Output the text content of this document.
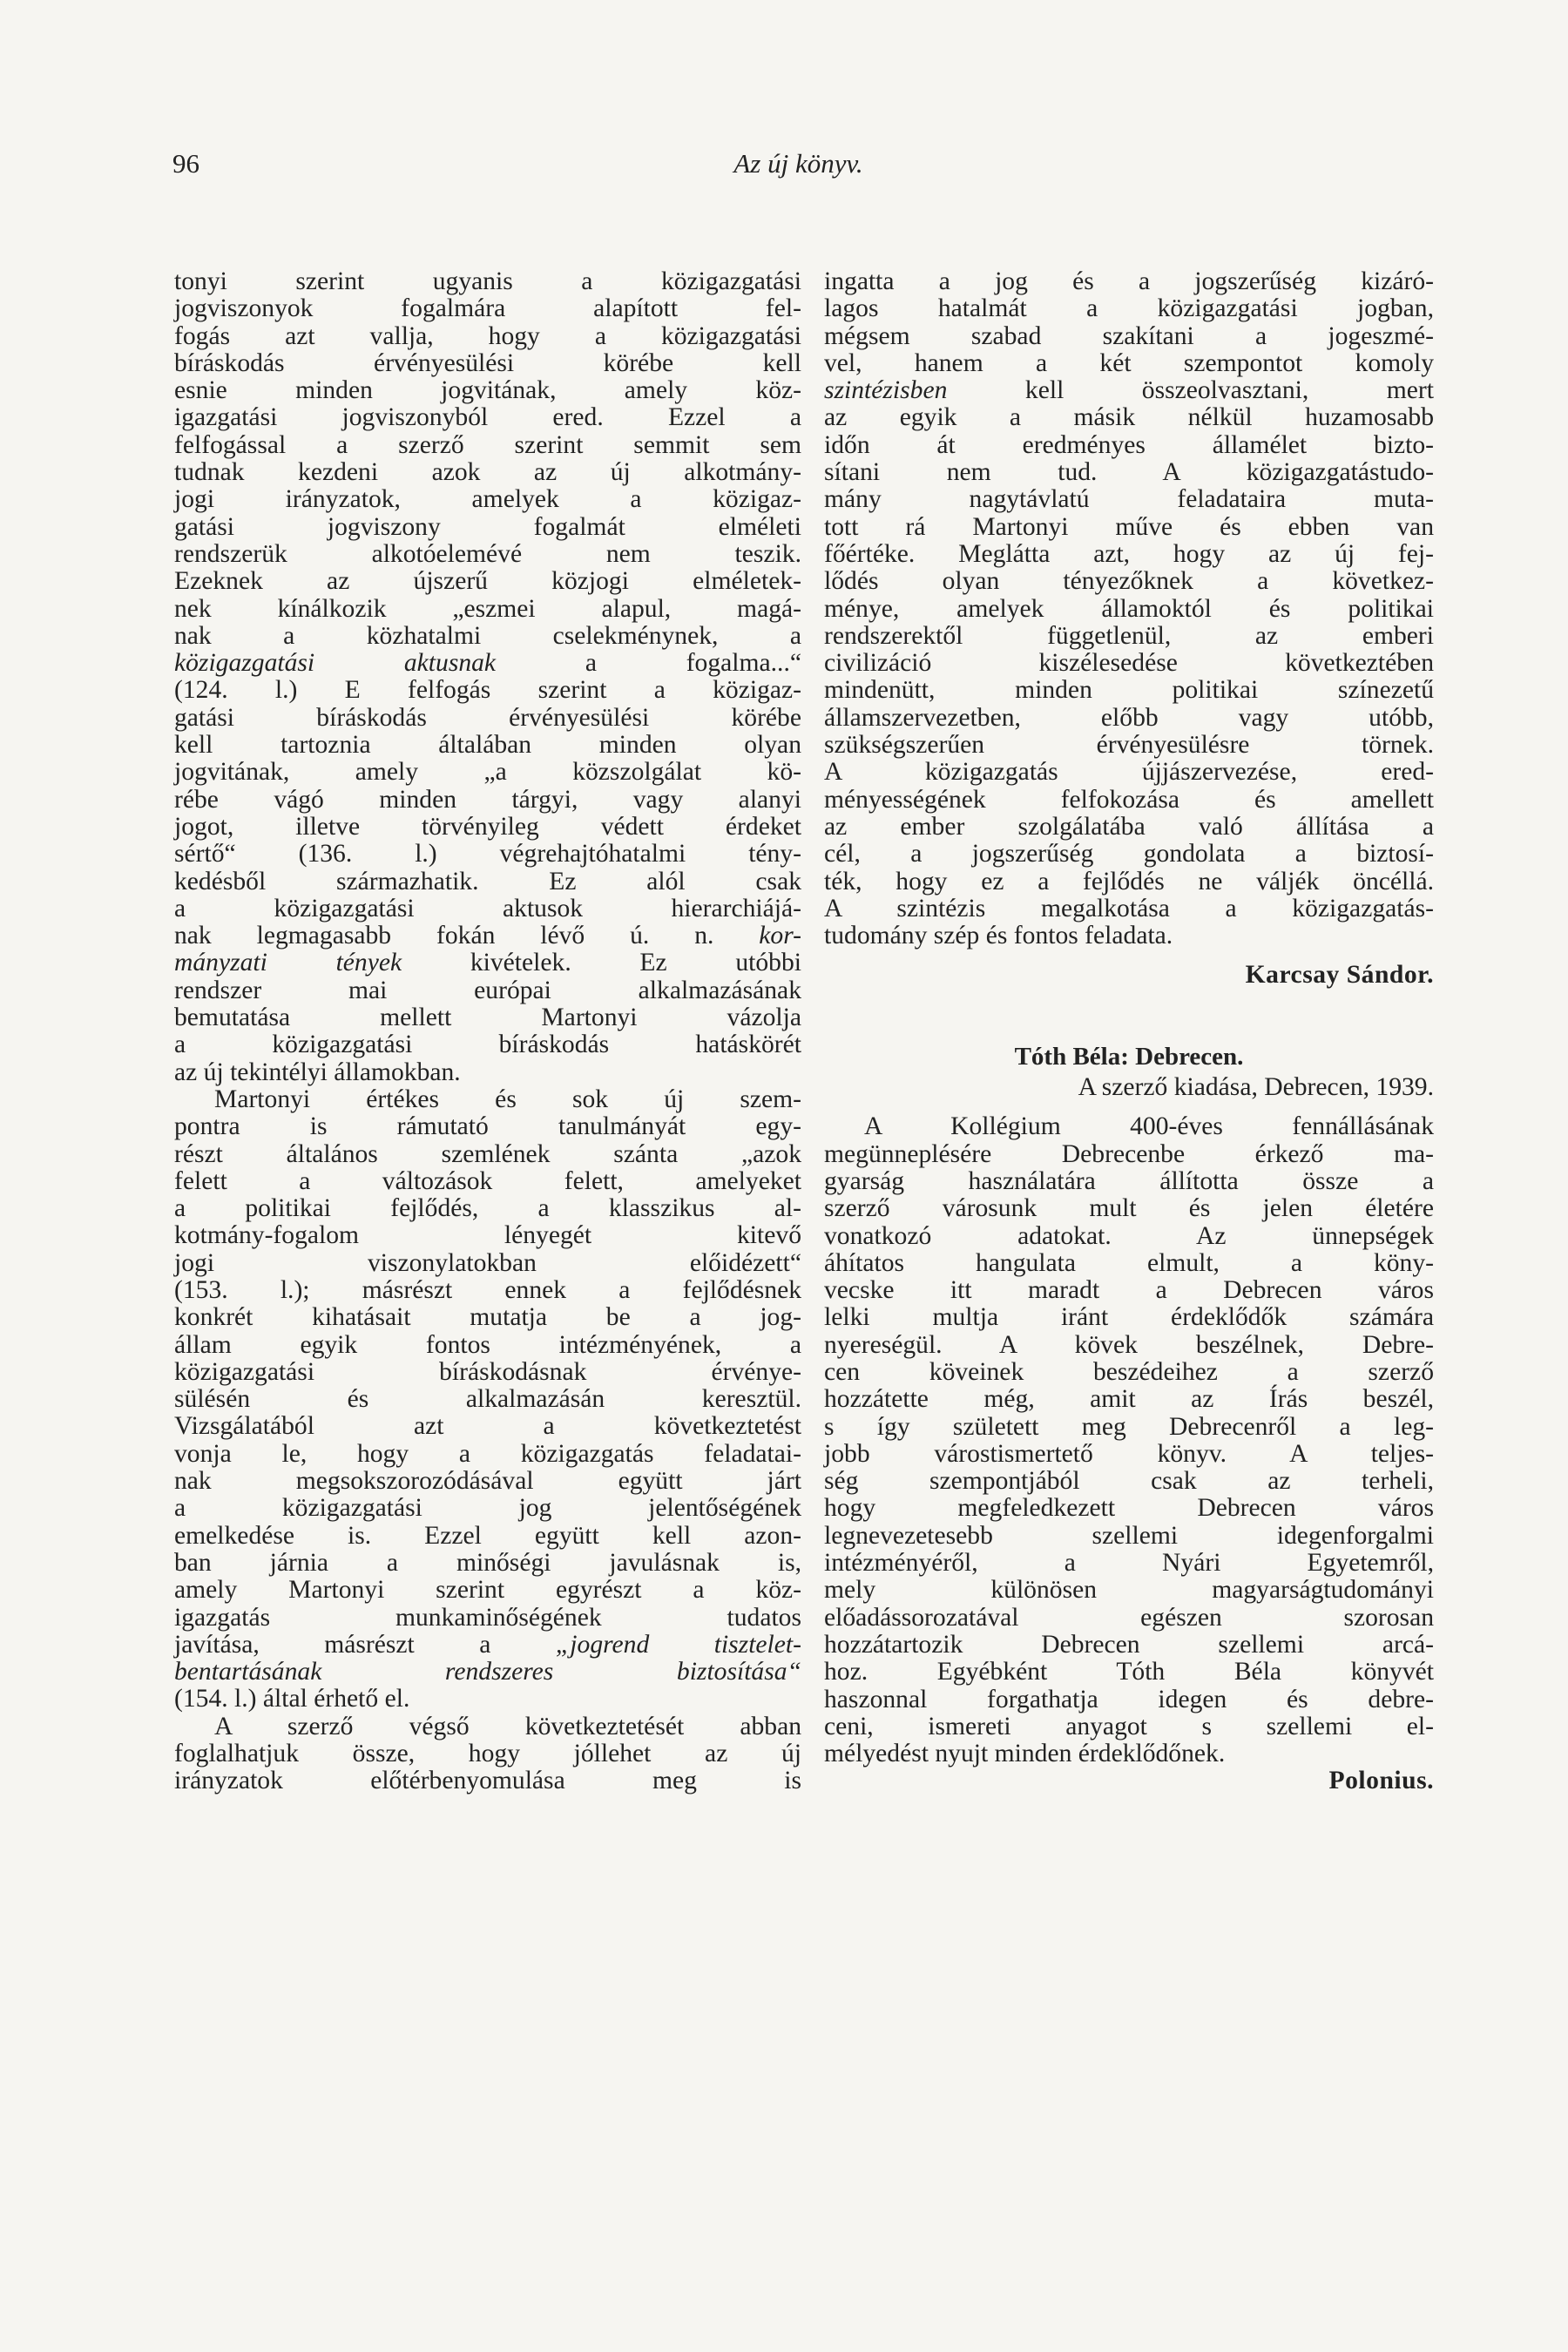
96	Az új könyv.

tonyi szerint ugyanis a közigazgatási
jogviszonyok fogalmára alapított fel-
fogás azt vallja, hogy a közigazgatási
bíráskodás érvényesülési körébe kell
esnie minden jogvitának, amely köz-
igazgatási jogviszonyból ered. Ezzel a
felfogással a szerző szerint semmit sem
tudnak kezdeni azok az új alkotmány-
jogi irányzatok, amelyek a közigaz-
gatási jogviszony fogalmát elméleti
rendszerük alkotóelemévé nem teszik.
Ezeknek az újszerű közjogi elméletek-
nek kínálkozik „eszmei alapul, magá-
nak a közhatalmi cselekménynek, a
közigazgatási aktusnak a fogalma...“
(124. l.) E felfogás szerint a közigaz-
gatási bíráskodás érvényesülési körébe
kell tartoznia általában minden olyan
jogvitának, amely „a közszolgálat kö-
rébe vágó minden tárgyi, vagy alanyi
jogot, illetve törvényileg védett érdeket
sértő“ (136. l.) végrehajtóhatalmi tény-
kedésből származhatik. Ez alól csak
a közigazgatási aktusok hierarchiájá-
nak legmagasabb fokán lévő ú. n. kor-
mányzati tények kivételek. Ez utóbbi
rendszer mai európai alkalmazásának
bemutatása mellett Martonyi vázolja
a közigazgatási bíráskodás hatáskörét
az új tekintélyi államokban.

Martonyi értékes és sok új szem-
pontra is rámutató tanulmányát egy-
részt általános szemlének szánta „azok
felett a változások felett, amelyeket
a politikai fejlődés, a klasszikus al-
kotmány-fogalom lényegét kitevő
jogi viszonylatokban előidézett“
(153. l.); másrészt ennek a fejlődésnek
konkrét kihatásait mutatja be a jog-
állam egyik fontos intézményének, a
közigazgatási bíráskodásnak érvénye-
sülésén és alkalmazásán keresztül.
Vizsgálatából azt a következtetést
vonja le, hogy a közigazgatás feladatai-
nak megsokszorozódásával együtt járt
a közigazgatási jog jelentőségének
emelkedése is. Ezzel együtt kell azon-
ban járnia a minőségi javulásnak is,
amely Martonyi szerint egyrészt a köz-
igazgatás munkaminőségének tudatos
javítása, másrészt a „jogrend tisztelet-
bentartásának rendszeres biztosítása“
(154. l.) által érhető el.

A szerző végső következtetését abban
foglalhatjuk össze, hogy jóllehet az új
irányzatok előtérbenyomulása meg is

ingatta a jog és a jogszerűség kizáró-
lagos hatalmát a közigazgatási jogban,
mégsem szabad szakítani a jogeszmé-
vel, hanem a két szempontot komoly
szintézisben kell összeolvasztani, mert
az egyik a másik nélkül huzamosabb
időn át eredményes államélet bizto-
sítani nem tud. A közigazgatástudo-
mány nagytávlatú feladataira muta-
tott rá Martonyi műve és ebben van
főértéke. Meglátta azt, hogy az új fej-
lődés olyan tényezőknek a következ-
ménye, amelyek államoktól és politikai
rendszerektől függetlenül, az emberi
civilizáció kiszélesedése következtében
mindenütt, minden politikai színezetű
államszervezetben, előbb vagy utóbb,
szükségszerűen érvényesülésre törnek.
A közigazgatás újjászervezése, ered-
ményességének felfokozása és amellett
az ember szolgálatába való állítása a
cél, a jogszerűség gondolata a biztosí-
ték, hogy ez a fejlődés ne váljék öncéllá.
A szintézis megalkotása a közigazgatás-
tudomány szép és fontos feladata.

Karcsay Sándor.

Tóth Béla: Debrecen.

A szerző kiadása, Debrecen, 1939.

A Kollégium 400-éves fennállásának
megünneplésére Debrecenbe érkező ma-
gyarság használatára állította össze a
szerző városunk mult és jelen életére
vonatkozó adatokat. Az ünnepségek
áhítatos hangulata elmult, a köny-
vecske itt maradt a Debrecen város
lelki multja iránt érdeklődők számára
nyereségül. A kövek beszélnek, Debre-
cen köveinek beszédeihez a szerző
hozzátette még, amit az Írás beszél,
s így született meg Debrecenről a leg-
jobb várostismertető könyv. A teljes-
ség szempontjából csak az terheli,
hogy megfeledkezett Debrecen város
legnevezetesebb szellemi idegenforgalmi
intézményéről, a Nyári Egyetemről,
mely különösen magyarságtudományi
előadássorozatával egészen szorosan
hozzátartozik Debrecen szellemi arcá-
hoz. Egyébként Tóth Béla könyvét
haszonnal forgathatja idegen és debre-
ceni, ismereti anyagot s szellemi el-
mélyedést nyujt minden érdeklődőnek.

Polonius.
